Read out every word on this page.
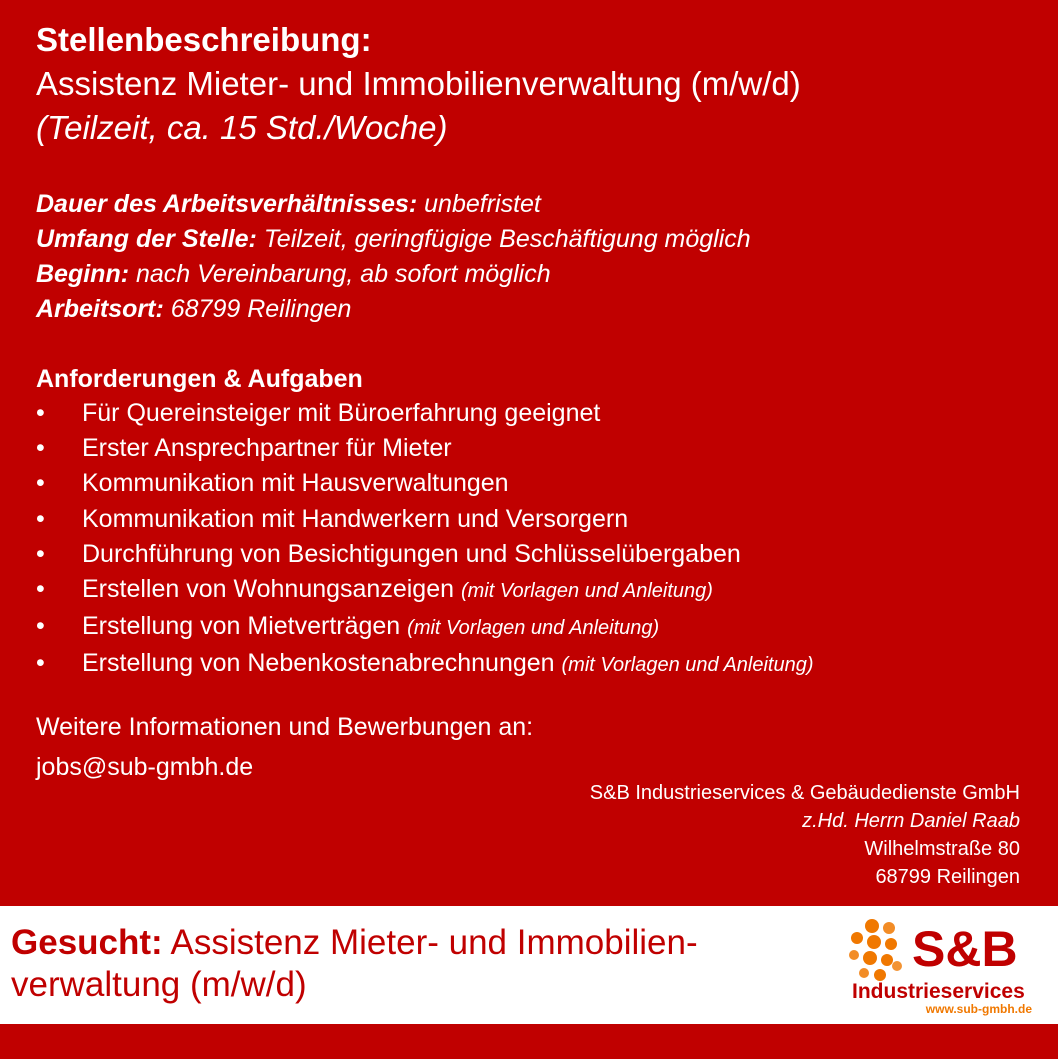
Stellenbeschreibung:
Assistenz Mieter- und Immobilienverwaltung (m/w/d)
(Teilzeit, ca. 15 Std./Woche)
Dauer des Arbeitsverhältnisses: unbefristet
Umfang der Stelle: Teilzeit, geringfügige Beschäftigung möglich
Beginn: nach Vereinbarung, ab sofort möglich
Arbeitsort: 68799 Reilingen
Anforderungen & Aufgaben
•	Für Quereinsteiger mit Büroerfahrung geeignet
•	Erster Ansprechpartner für Mieter
•	Kommunikation mit Hausverwaltungen
•	Kommunikation mit Handwerkern und Versorgern
•	Durchführung von Besichtigungen und Schlüsselübergaben
•	Erstellen von Wohnungsanzeigen (mit Vorlagen und Anleitung)
•	Erstellung von Mietverträgen (mit Vorlagen und Anleitung)
•	Erstellung von Nebenkostenabrechnungen (mit Vorlagen und Anleitung)
Weitere Informationen und Bewerbungen an:
jobs@sub-gmbh.de
S&B Industrieservices & Gebäudedienste GmbH
z.Hd. Herrn Daniel Raab
Wilhelmstraße 80
68799 Reilingen
Gesucht: Assistenz Mieter- und Immobilien-
verwaltung (m/w/d)
S&B
Industrieservices
www.sub-gmbh.de
